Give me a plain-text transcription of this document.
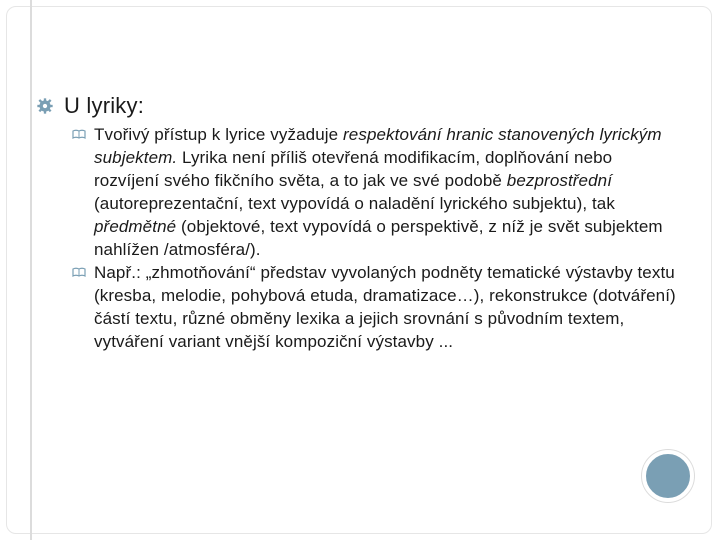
U lyriky:
Tvořivý přístup k lyrice vyžaduje respektování hranic stanovených lyrickým subjektem. Lyrika není příliš otevřená modifikacím, doplňování nebo rozvíjení svého fikčního světa, a to jak ve své podobě bezprostřední (autoreprezentační, text vypovídá o naladění lyrického subjektu), tak předmětné (objektové, text vypovídá o perspektivě, z níž je svět subjektem nahlížen /atmosféra/).
Např.: „zhmotňování“ představ vyvolaných podněty tematické výstavby textu (kresba, melodie, pohybová etuda, dramatizace…), rekonstrukce (dotváření) částí textu, různé obměny lexika a jejich srovnání s původním textem, vytváření variant vnější kompoziční výstavby ...
